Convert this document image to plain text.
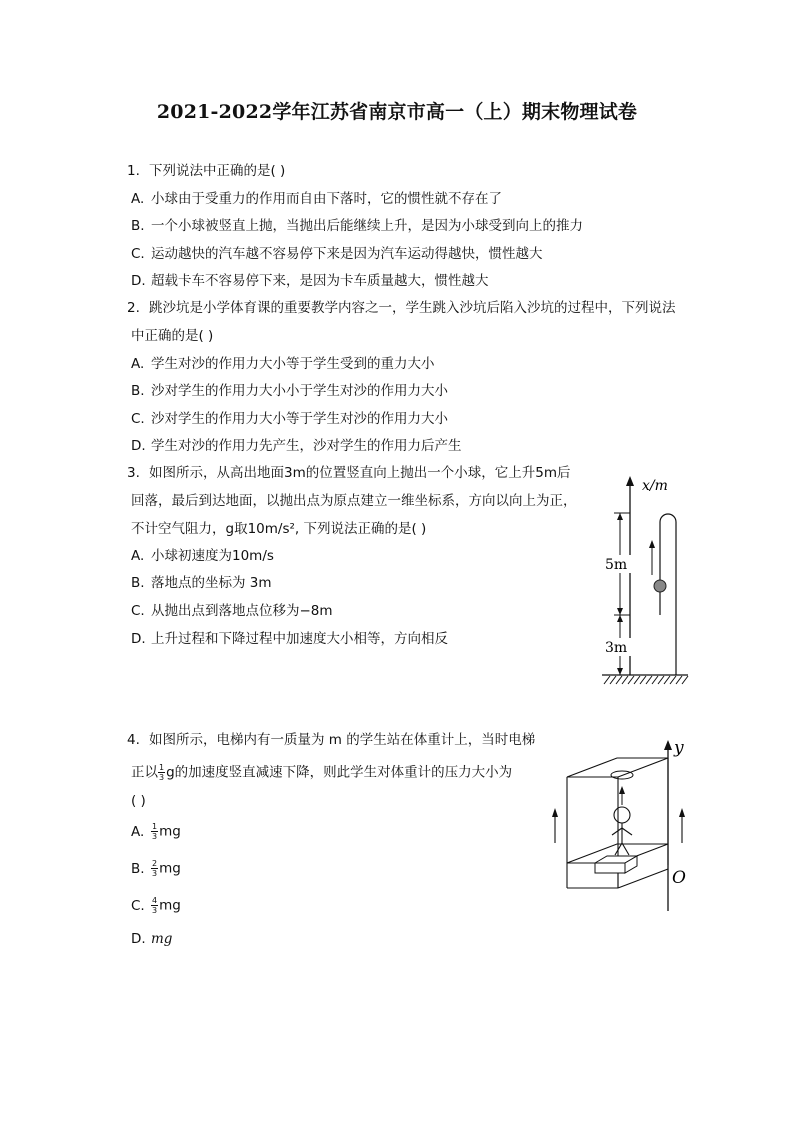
2021-2022学年江苏省南京市高一（上）期末物理试卷
1. 下列说法中正确的是( )
A. 小球由于受重力的作用而自由下落时，它的惯性就不存在了
B. 一个小球被竖直上抛，当抛出后能继续上升，是因为小球受到向上的推力
C. 运动越快的汽车越不容易停下来是因为汽车运动得越快，惯性越大
D. 超载卡车不容易停下来，是因为卡车质量越大，惯性越大
2. 跳沙坑是小学体育课的重要教学内容之一，学生跳入沙坑后陷入沙坑的过程中，下列说法
中正确的是( )
A. 学生对沙的作用力大小等于学生受到的重力大小
B. 沙对学生的作用力大小小于学生对沙的作用力大小
C. 沙对学生的作用力大小等于学生对沙的作用力大小
D. 学生对沙的作用力先产生，沙对学生的作用力后产生
3. 如图所示，从高出地面3m的位置竖直向上抛出一个小球，它上升5m后
回落，最后到达地面，以抛出点为原点建立一维坐标系，方向以向上为正，
不计空气阻力，g取10m/s², 下列说法正确的是( )
A. 小球初速度为10m/s
B. 落地点的坐标为 3m
C. 从抛出点到落地点位移为−8m
D. 上升过程和下降过程中加速度大小相等，方向相反
x/m
5m
3m
4. 如图所示，电梯内有一质量为 m 的学生站在体重计上，当时电梯
正以 $\frac{1}{3}$ g的加速度竖直减速下降，则此学生对体重计的压力大小为
( )
A. $\frac{1}{3}$ mg
B. $\frac{2}{3}$ mg
C. $\frac{4}{3}$ mg
D. mg
y
O
